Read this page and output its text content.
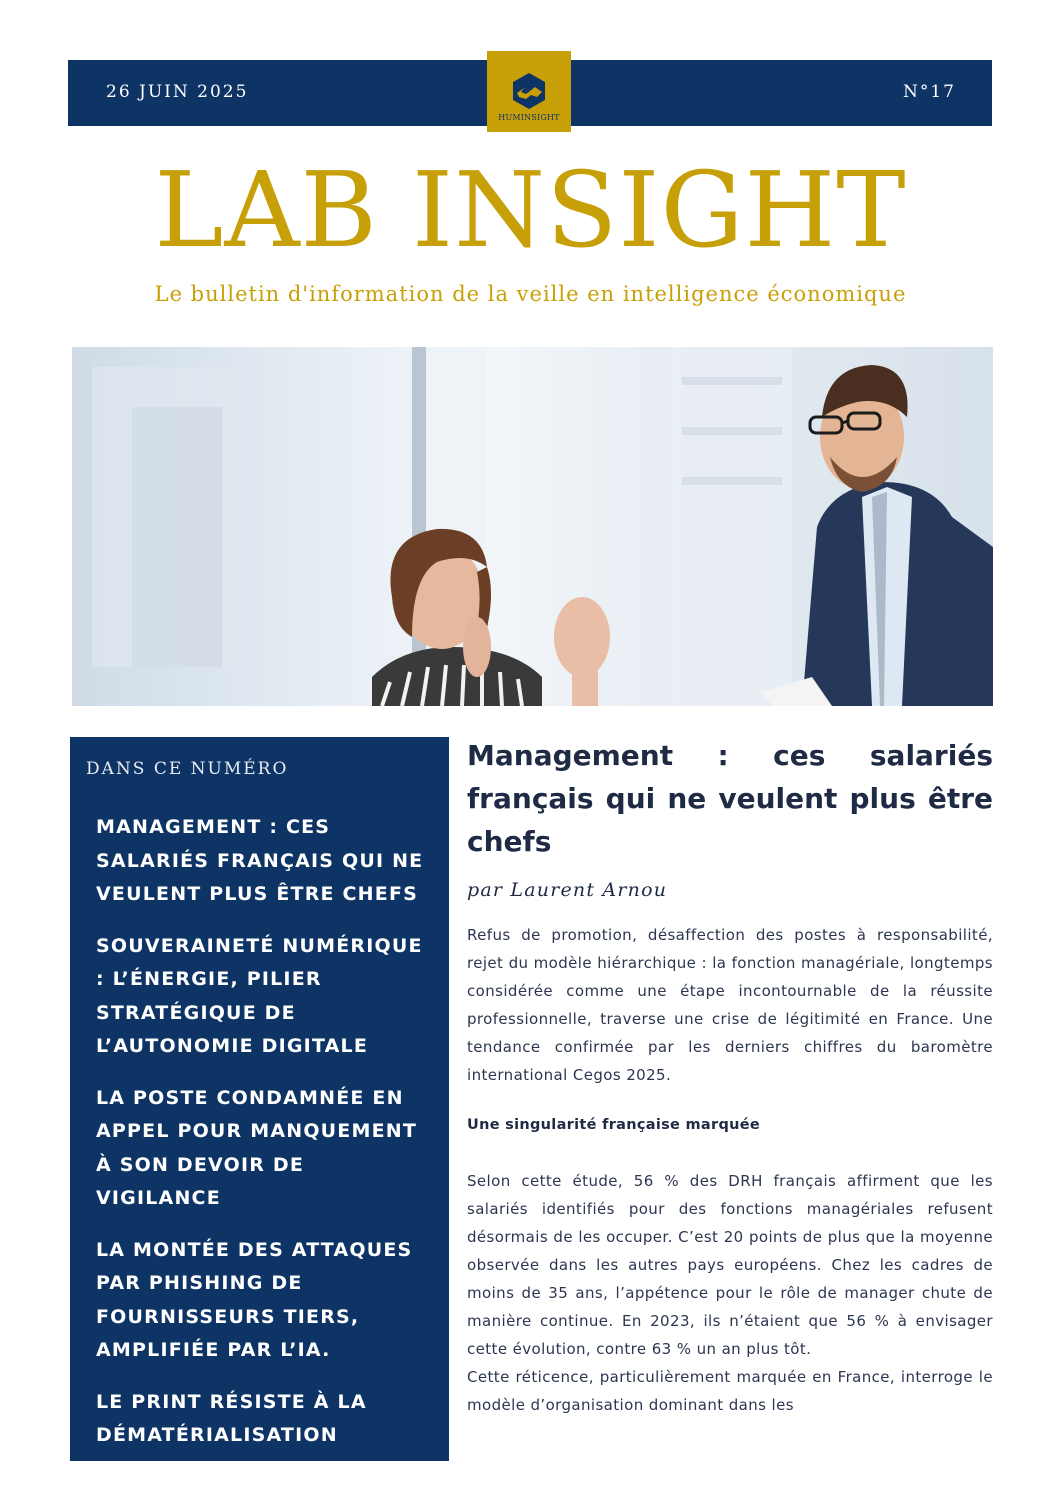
26 JUIN 2025	N°17
HUMINSIGHT
LAB INSIGHT
Le bulletin d'information de la veille en intelligence économique
DANS CE NUMÉRO
MANAGEMENT : CES SALARIÉS FRANÇAIS QUI NE VEULENT PLUS ÊTRE CHEFS
SOUVERAINETÉ NUMÉRIQUE : L’ÉNERGIE, PILIER STRATÉGIQUE DE L’AUTONOMIE DIGITALE
LA POSTE CONDAMNÉE EN APPEL POUR MANQUEMENT À SON DEVOIR DE VIGILANCE
LA MONTÉE DES ATTAQUES PAR PHISHING DE FOURNISSEURS TIERS, AMPLIFIÉE PAR L’IA.
LE PRINT RÉSISTE À LA DÉMATÉRIALISATION
Management : ces salariés français qui ne veulent plus être chefs
par Laurent Arnou

Refus de promotion, désaffection des postes à responsabilité, rejet du modèle hiérarchique : la fonction managériale, longtemps considérée comme une étape incontournable de la réussite professionnelle, traverse une crise de légitimité en France. Une tendance confirmée par les derniers chiffres du baromètre international Cegos 2025.

Une singularité française marquée

Selon cette étude, 56 % des DRH français affirment que les salariés identifiés pour des fonctions managériales refusent désormais de les occuper. C’est 20 points de plus que la moyenne observée dans les autres pays européens. Chez les cadres de moins de 35 ans, l’appétence pour le rôle de manager chute de manière continue. En 2023, ils n’étaient que 56 % à envisager cette évolution, contre 63 % un an plus tôt.

Cette réticence, particulièrement marquée en France, interroge le modèle d’organisation dominant dans les
